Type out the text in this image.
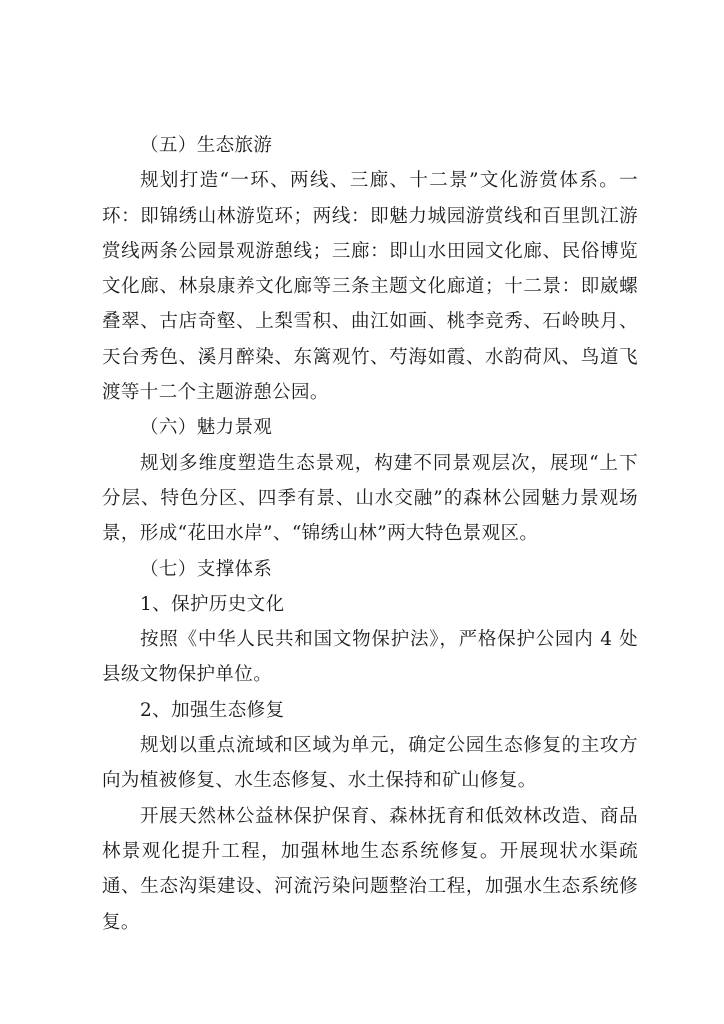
（五）生态旅游

规划打造“一环、两线、三廊、十二景”文化游赏体系。一环：即锦绣山林游览环；两线：即魅力城园游赏线和百里凯江游赏线两条公园景观游憩线；三廊：即山水田园文化廊、民俗博览文化廊、林泉康养文化廊等三条主题文化廊道；十二景：即崴螺叠翠、古店奇壑、上梨雪积、曲江如画、桃李竞秀、石岭映月、天台秀色、溪月醉染、东篱观竹、芍海如霞、水韵荷风、鸟道飞渡等十二个主题游憩公园。

（六）魅力景观

规划多维度塑造生态景观，构建不同景观层次，展现“上下分层、特色分区、四季有景、山水交融”的森林公园魅力景观场景，形成“花田水岸”、“锦绣山林”两大特色景观区。

（七）支撑体系

1、保护历史文化

按照《中华人民共和国文物保护法》，严格保护公园内 4 处县级文物保护单位。

2、加强生态修复

规划以重点流域和区域为单元，确定公园生态修复的主攻方向为植被修复、水生态修复、水土保持和矿山修复。

开展天然林公益林保护保育、森林抚育和低效林改造、商品林景观化提升工程，加强林地生态系统修复。开展现状水渠疏通、生态沟渠建设、河流污染问题整治工程，加强水生态系统修复。
